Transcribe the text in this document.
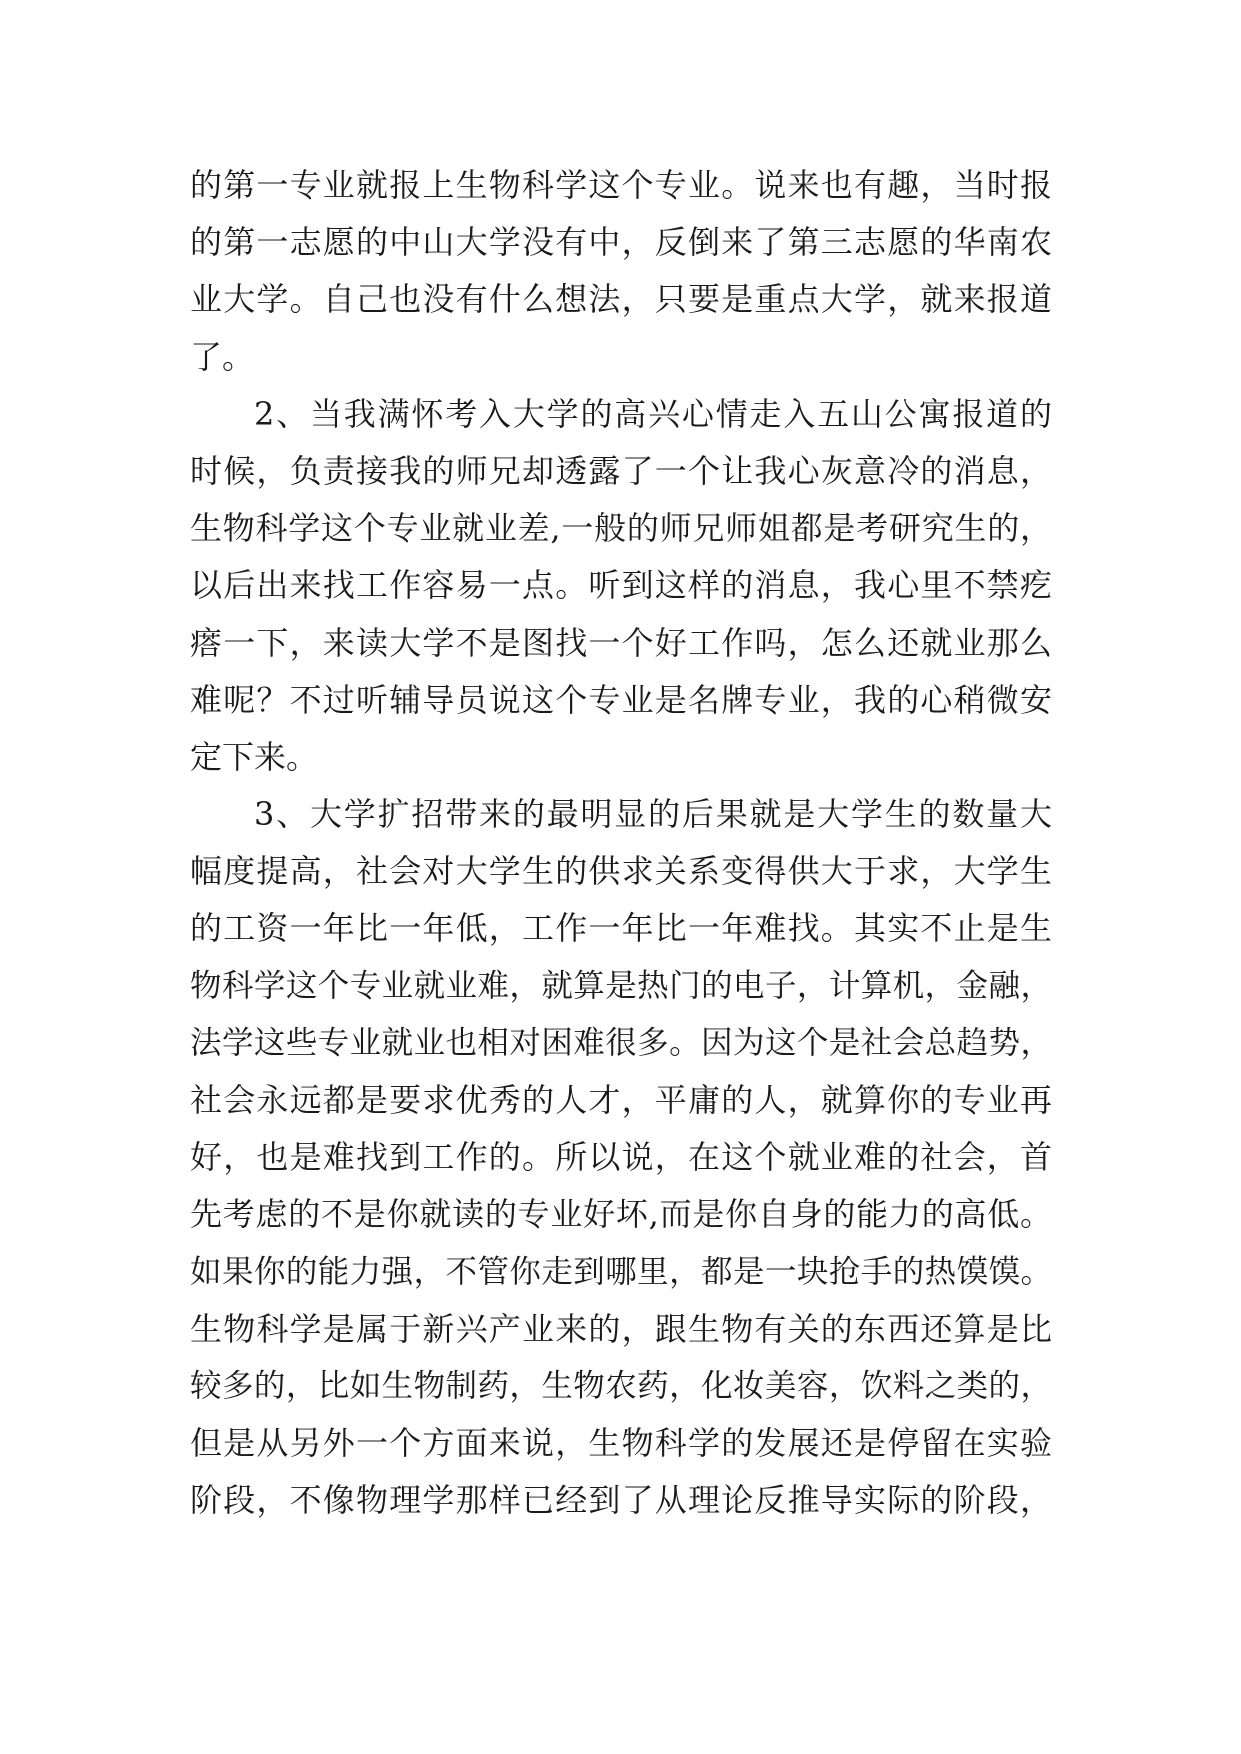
的第一专业就报上生物科学这个专业。说来也有趣，当时报
的第一志愿的中山大学没有中，反倒来了第三志愿的华南农
业大学。自己也没有什么想法，只要是重点大学，就来报道
了。
2、当我满怀考入大学的高兴心情走入五山公寓报道的
时候，负责接我的师兄却透露了一个让我心灰意冷的消息，
生物科学这个专业就业差,一般的师兄师姐都是考研究生的，
以后出来找工作容易一点。听到这样的消息，我心里不禁疙
瘩一下，来读大学不是图找一个好工作吗，怎么还就业那么
难呢？不过听辅导员说这个专业是名牌专业，我的心稍微安
定下来。
3、大学扩招带来的最明显的后果就是大学生的数量大
幅度提高，社会对大学生的供求关系变得供大于求，大学生
的工资一年比一年低，工作一年比一年难找。其实不止是生
物科学这个专业就业难，就算是热门的电子，计算机，金融，
法学这些专业就业也相对困难很多。因为这个是社会总趋势，
社会永远都是要求优秀的人才，平庸的人，就算你的专业再
好，也是难找到工作的。所以说，在这个就业难的社会，首
先考虑的不是你就读的专业好坏,而是你自身的能力的高低。
如果你的能力强，不管你走到哪里，都是一块抢手的热馍馍。
生物科学是属于新兴产业来的，跟生物有关的东西还算是比
较多的，比如生物制药，生物农药，化妆美容，饮料之类的，
但是从另外一个方面来说，生物科学的发展还是停留在实验
阶段，不像物理学那样已经到了从理论反推导实际的阶段，
